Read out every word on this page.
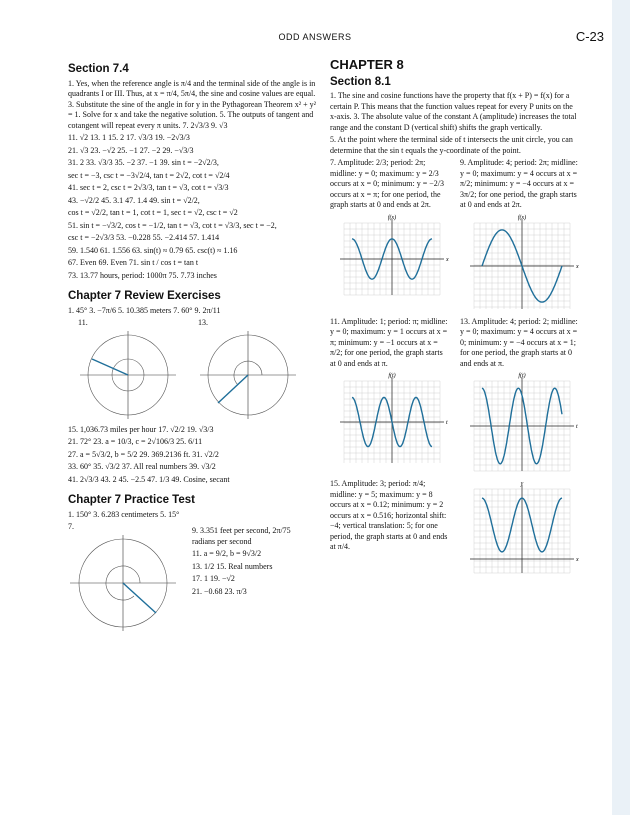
ODD ANSWERS	C-23
Section 7.4

1. Yes, when the reference angle is π/4 and the terminal side of the angle is in quadrants I or III. Thus, at x = π/4, 5π/4, the sine and cosine values are equal. 3. Substitute the sine of the angle in for y in the Pythagorean Theorem x² + y² = 1. Solve for x and take the negative solution. 5. The outputs of tangent and cotangent will repeat every π units. 7. 2√3/3 9. √3

11. √2 13. 1 15. 2 17. √3/3 19. −2√3/3
21. √3 23. −√2 25. −1 27. −2 29. −√3/3
31. 2 33. √3/3 35. −2 37. −1 39. sin t = −2√2/3,
sec t = −3, csc t = −3√2/4, tan t = 2√2, cot t = √2/4
41. sec t = 2, csc t = 2√3/3, tan t = √3, cot t = √3/3
43. −√2/2 45. 3.1 47. 1.4 49. sin t = √2/2,
cos t = √2/2, tan t = 1, cot t = 1, sec t = √2, csc t = √2
51. sin t = −√3/2, cos t = −1/2, tan t = √3, cot t = √3/3, sec t = −2,
csc t = −2√3/3 53. −0.228 55. −2.414 57. 1.414
59. 1.540 61. 1.556 63. sin(t) ≈ 0.79 65. csc(t) ≈ 1.16
67. Even 69. Even 71. sin t / cos t = tan t
73. 13.77 hours, period: 1000π 75. 7.73 inches
Chapter 7 Review Exercises
1. 45° 3. −7π/6 5. 10.385 meters 7. 60° 9. 2π/11
11.	13.
15. 1,036.73 miles per hour 17. √2/2 19. √3/3
21. 72° 23. a = 10/3, c = 2√106/3 25. 6/11
27. a = 5√3/2, b = 5/2 29. 369.2136 ft. 31. √2/2
33. 60° 35. √3/2 37. All real numbers 39. √3/2
41. 2√3/3 43. 2 45. −2.5 47. 1/3 49. Cosine, secant
Chapter 7 Practice Test
1. 150° 3. 6.283 centimeters 5. 15°
7.	9. 3.351 feet per second, 2π/75 radians per second

11. a = 9/2, b = 9√3/2

13. 1/2 15. Real numbers

17. 1 19. −√2

21. −0.68 23. π/3

CHAPTER 8
Section 8.1

1. The sine and cosine functions have the property that f(x + P) = f(x) for a certain P. This means that the function values repeat for every P units on the x-axis. 3. The absolute value of the constant A (amplitude) increases the total range and the constant D (vertical shift) shifts the graph vertically.

5. At the point where the terminal side of t intersects the unit circle, you can determine that the sin t equals the y-coordinate of the point.

7. Amplitude: 2/3; period: 2π; midline: y = 0; maximum: y = 2/3 occurs at x = 0; minimum: y = −2/3 occurs at x = π; for one period, the graph starts at 0 and ends at 2π.

f(x)
x

9. Amplitude: 4; period: 2π; midline: y = 0; maximum: y = 4 occurs at x = π/2; minimum: y = −4 occurs at x = 3π/2; for one period, the graph starts at 0 and ends at 2π.

f(x)
x

11. Amplitude: 1; period: π; midline: y = 0; maximum: y = 1 occurs at x = π; minimum: y = −1 occurs at x = π/2; for one period, the graph starts at 0 and ends at π.

f(t)
t

13. Amplitude: 4; period: 2; midline: y = 0; maximum: y = 4 occurs at x = 0; minimum: y = −4 occurs at x = 1; for one period, the graph starts at 0 and ends at π.

f(t)
t

15. Amplitude: 3; period: π/4; midline: y = 5; maximum: y = 8 occurs at x = 0.12; minimum: y = 2 occurs at x = 0.516; horizontal shift: −4; vertical translation: 5; for one period, the graph starts at 0 and ends at π/4.

y
x
